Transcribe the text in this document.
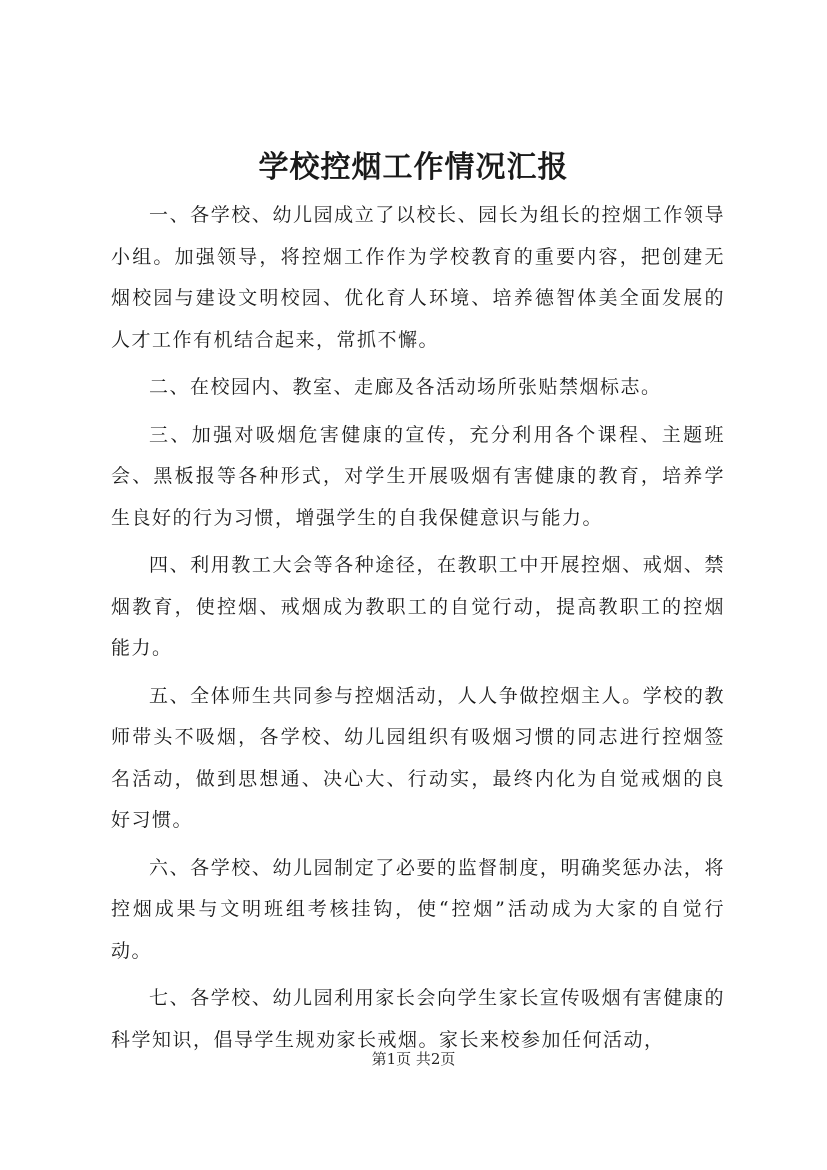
学校控烟工作情况汇报

一、各学校、幼儿园成立了以校长、园长为组长的控烟工作领导小组。加强领导，将控烟工作作为学校教育的重要内容，把创建无烟校园与建设文明校园、优化育人环境、培养德智体美全面发展的人才工作有机结合起来，常抓不懈。

二、在校园内、教室、走廊及各活动场所张贴禁烟标志。

三、加强对吸烟危害健康的宣传，充分利用各个课程、主题班会、黑板报等各种形式，对学生开展吸烟有害健康的教育，培养学生良好的行为习惯，增强学生的自我保健意识与能力。

四、利用教工大会等各种途径，在教职工中开展控烟、戒烟、禁烟教育，使控烟、戒烟成为教职工的自觉行动，提高教职工的控烟能力。

五、全体师生共同参与控烟活动，人人争做控烟主人。学校的教师带头不吸烟，各学校、幼儿园组织有吸烟习惯的同志进行控烟签名活动，做到思想通、决心大、行动实，最终内化为自觉戒烟的良好习惯。

六、各学校、幼儿园制定了必要的监督制度，明确奖惩办法，将控烟成果与文明班组考核挂钩，使“控烟”活动成为大家的自觉行动。

七、各学校、幼儿园利用家长会向学生家长宣传吸烟有害健康的科学知识，倡导学生规劝家长戒烟。家长来校参加任何活动，

第1页 共2页
